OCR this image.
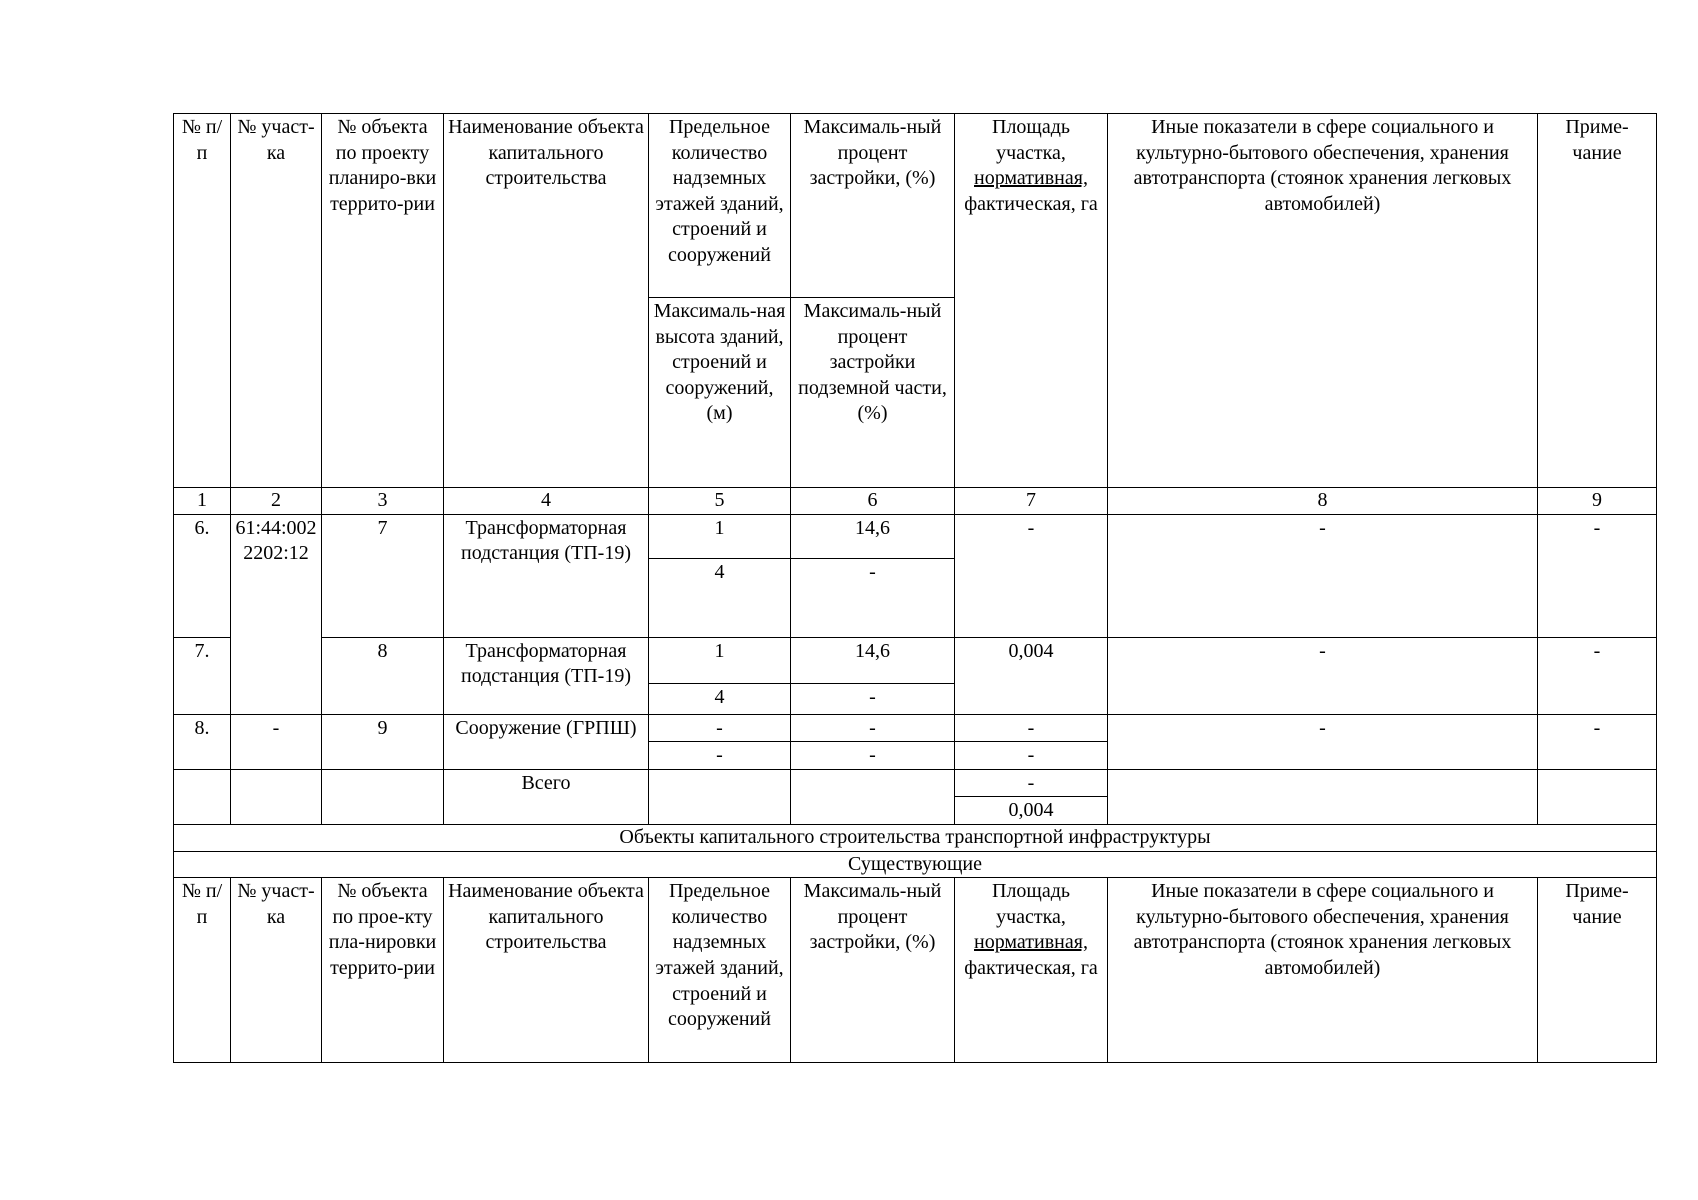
№ п/п	№ участ-ка	№ объекта по проекту планиро-вки террито-рии	Наименование объекта капитального строительства	Предельное количество надземных этажей зданий, строений и сооружений	Максималь-ный процент застройки, (%)	Площадь участка,
нормативная,
фактическая, га	Иные показатели в сфере социального и культурно-бытового обеспечения, хранения автотранспорта (стоянок хранения легковых автомобилей)	Приме-чание
				Максималь-ная высота зданий, строений и сооружений, (м)	Максималь-ный процент застройки подземной части, (%)			
1	2	3	4	5	6	7	8	9
6.	61:44:0022202:12	7	Трансформаторная подстанция (ТП-19)	1	14,6	-	-	-
				4	-			
7.		8	Трансформаторная подстанция (ТП-19)	1	14,6	0,004	-	-
				4	-			
8.	-	9	Сооружение (ГРПШ)	-	-	-	-	-
				-	-	-		
			Всего			-		
						0,004		
Объекты капитального строительства транспортной инфраструктуры								
Существующие								
№ п/п	№ участ-ка	№ объекта по прое-кту пла-нировки террито-рии	Наименование объекта капитального строительства	Предельное количество надземных этажей зданий, строений и сооружений	Максималь-ный процент застройки, (%)	Площадь участка,
нормативная,
фактическая, га	Иные показатели в сфере социального и культурно-бытового обеспечения, хранения автотранспорта (стоянок хранения легковых автомобилей)	Приме-чание
